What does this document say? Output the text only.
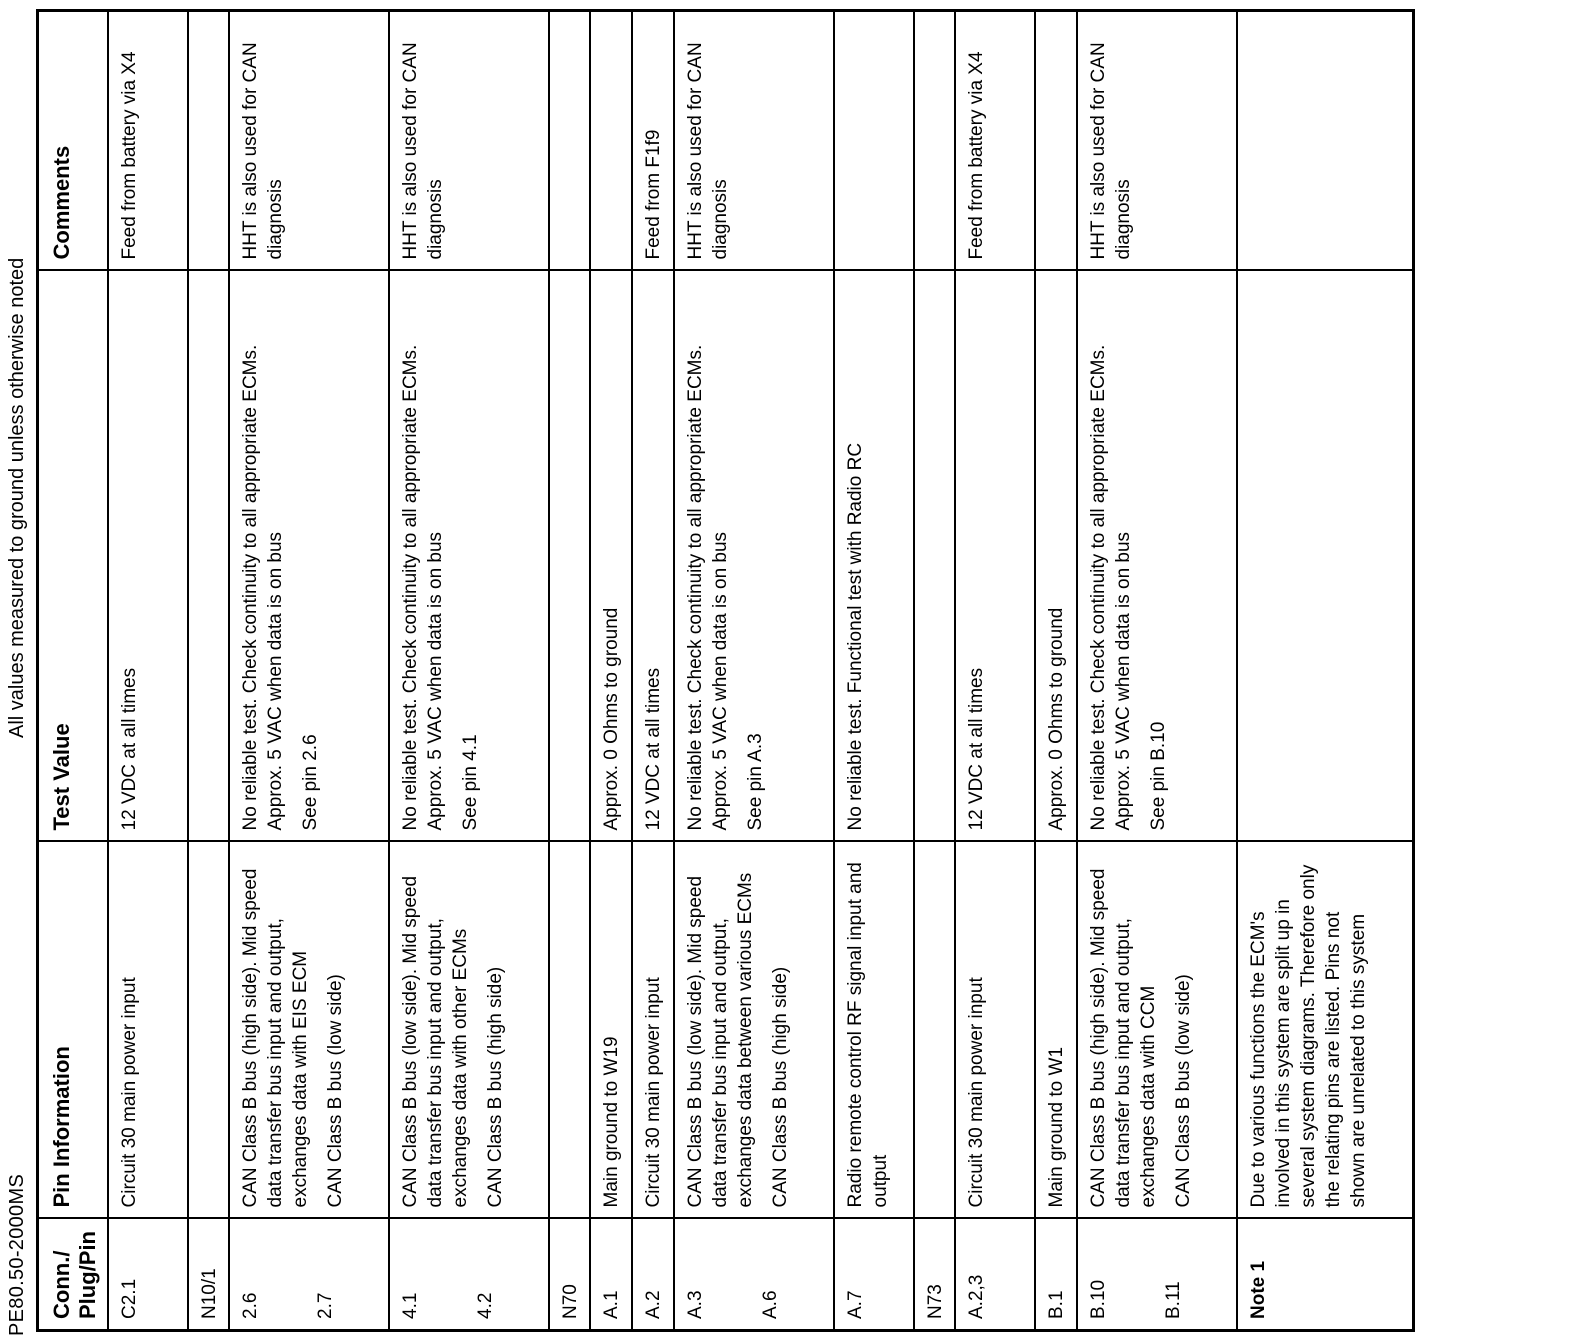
PE80.50-2000MS
All values measured to ground unless otherwise noted
Conn./ Plug/Pin	Pin Information	Test Value	Comments
C2.1	Circuit 30 main power input	12 VDC at all times	Feed from battery via X4
N10/1			

2.6 2.7	CAN Class B bus (high side). Mid speed data transfer bus input and output, exchanges data with EIS ECM CAN Class B bus (low side)	No reliable test. Check continuity to all appropriate ECMs. Approx. 5 VAC when data is on bus See pin 2.6	HHT is also used for CAN diagnosis

4.1 4.2	CAN Class B bus (low side). Mid speed data transfer bus input and output, exchanges data with other ECMs CAN Class B bus (high side)	No reliable test. Check continuity to all appropriate ECMs. Approx. 5 VAC when data is on bus See pin 4.1	HHT is also used for CAN diagnosis
N70			
A.1	Main ground to W19	Approx. 0 Ohms to ground	
A.2	Circuit 30 main power input	12 VDC at all times	Feed from F1f9

A.3 A.6	CAN Class B bus (low side). Mid speed data transfer bus input and output, exchanges data between various ECMs CAN Class B bus (high side)	No reliable test. Check continuity to all appropriate ECMs. Approx. 5 VAC when data is on bus See pin A.3	HHT is also used for CAN diagnosis
A.7	Radio remote control RF signal input and output	No reliable test. Functional test with Radio RC	
N73			
A.2,3	Circuit 30 main power input	12 VDC at all times	Feed from battery via X4
B.1	Main ground to W1	Approx. 0 Ohms to ground	

B.10 B.11	CAN Class B bus (high side). Mid speed data transfer bus input and output, exchanges data with CCM CAN Class B bus (low side)	No reliable test. Check continuity to all appropriate ECMs. Approx. 5 VAC when data is on bus See pin B.10	HHT is also used for CAN diagnosis
Note 1	Due to various functions the ECM's involved in this system are split up in several system diagrams. Therefore only the relating pins are listed. Pins not shown are unrelated to this system		
